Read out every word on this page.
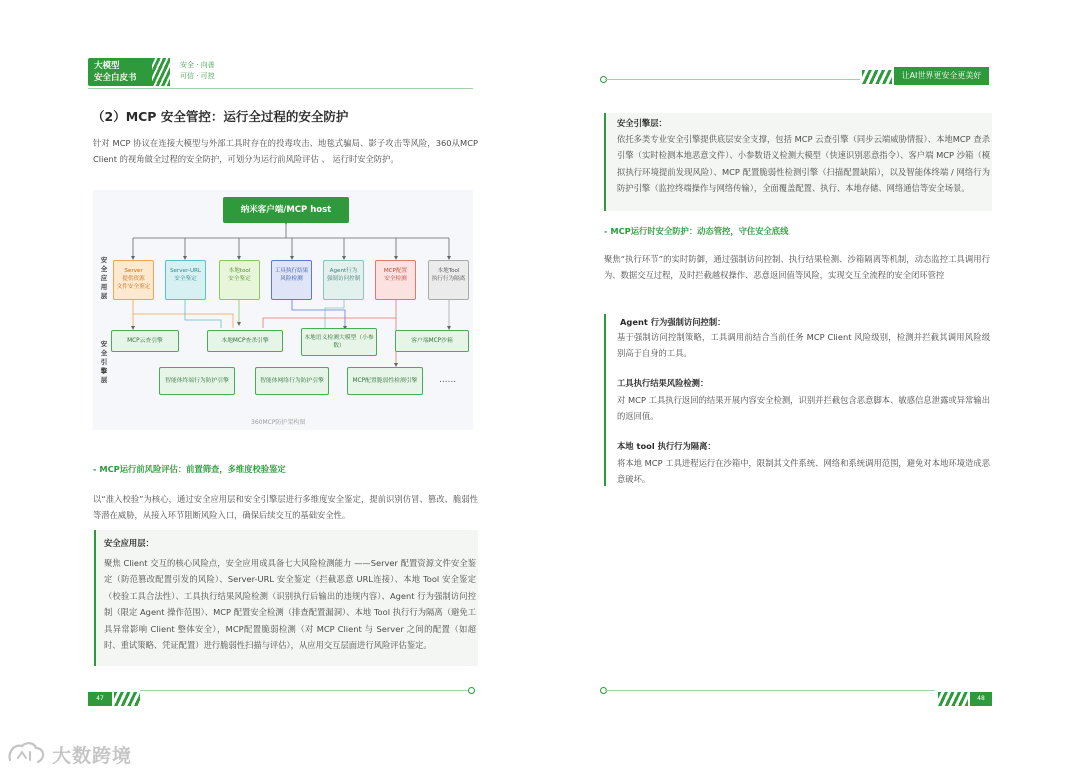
大模型
安全白皮书
安全 · 向善
可信 · 可控	让AI世界更安全更美好
（2）MCP 安全管控：运行全过程的安全防护
针对 MCP 协议在连接大模型与外部工具时存在的投毒攻击、地毯式骗局、影子攻击等风险，360从MCP Client 的视角做全过程的安全防护，可划分为运行前风险评估 、 运行时安全防护。
纳米客户端/MCP host
安
全
应
用
层
安
全
引
擎
层
Server
提供资源
文件安全鉴定
Server-URL
安全鉴定
本地tool
安全鉴定
工具执行结果
风险检测
Agent行为
强制访问控制
MCP配置
安全检测
本地Tool
执行行为隔离
MCP云查引擎	本地MCP查杀引擎	本地语义检测大模型（小参数）
客户端MCP沙箱
智能体终端行为防护引擎	智能体网络行为防护引擎	MCP配置脆弱性检测引擎	......
360MCP防护架构图
- MCP运行前风险评估：前置筛查，多维度校验鉴定
以“准入校验”为核心，通过安全应用层和安全引擎层进行多维度安全鉴定，提前识别仿冒、篡改、脆弱性等潜在威胁，从接入环节阻断风险入口，确保后续交互的基础安全性。
安全应用层：
聚焦 Client 交互的核心风险点，安全应用成具备七大风险检测能力 ——Server 配置资源文件安全鉴定（防范篡改配置引发的风险）、Server-URL 安全鉴定（拦截恶意 URL连接）、本地 Tool 安全鉴定（校验工具合法性）、工具执行结果风险检测（识别执行后输出的违规内容）、Agent 行为强制访问控制（限定 Agent 操作范围）、MCP 配置安全检测（排查配置漏洞）、本地 Tool 执行行为隔离（避免工具异常影响 Client 整体安全），MCP配置脆弱检测（对 MCP Client 与 Server 之间的配置（如超时、重试策略、凭证配置）进行脆弱性扫描与评估），从应用交互层面进行风险评估鉴定。
安全引擎层：
依托多类专业安全引擎提供底层安全支撑，包括 MCP 云查引擎（同步云端威胁情报）、本地MCP 查杀引擎（实时检测本地恶意文件）、小参数语义检测大模型（快速识别恶意指令）、客户端 MCP 沙箱（模拟执行环境提前发现风险）、MCP 配置脆弱性检测引擎（扫描配置缺陷），以及智能体终端 / 网络行为防护引擎（监控终端操作与网络传输），全面覆盖配置、执行、本地存储、网络通信等安全场景。
- MCP运行时安全防护：动态管控，守住安全底线
聚焦“执行环节”的实时防御，通过强制访问控制、执行结果检测、沙箱隔离等机制，动态监控工具调用行为、数据交互过程，及时拦截越权操作、恶意返回值等风险，实现交互全流程的安全闭环管控
Agent 行为强制访问控制：
基于强制访问控制策略，工具调用前结合当前任务 MCP Client 风险级别，检测并拦截其调用风险级别高于自身的工具。
工具执行结果风险检测：
对 MCP 工具执行返回的结果开展内容安全检测，识别并拦截包含恶意脚本、敏感信息泄露或异常输出的返回值。
本地 tool 执行行为隔离：
将本地 MCP 工具进程运行在沙箱中，限制其文件系统、网络和系统调用范围，避免对本地环境造成恶意破坏。
47	48
大数跨境
